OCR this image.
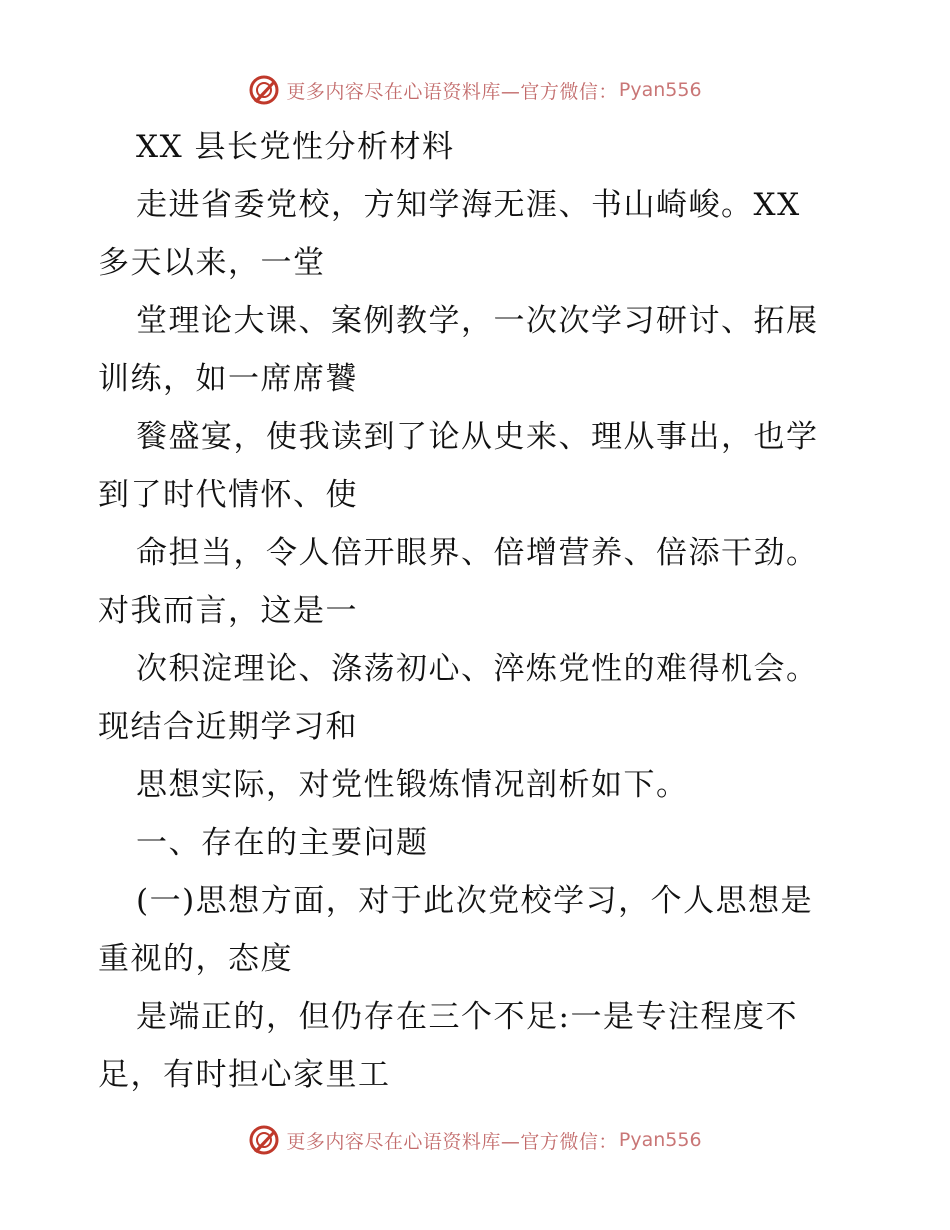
更多内容尽在心语资料库—官方微信： Pyan556
XX 县长党性分析材料
走进省委党校，方知学海无涯、书山崎峻。XX
多天以来，一堂
堂理论大课、案例教学，一次次学习研讨、拓展
训练，如一席席饕
餮盛宴，使我读到了论从史来、理从事出，也学
到了时代情怀、使
命担当，令人倍开眼界、倍增营养、倍添干劲。
对我而言，这是一
次积淀理论、涤荡初心、淬炼党性的难得机会。
现结合近期学习和
思想实际，对党性锻炼情况剖析如下。
一、存在的主要问题
(一)思想方面，对于此次党校学习，个人思想是
重视的，态度
是端正的，但仍存在三个不足:一是专注程度不
足，有时担心家里工
更多内容尽在心语资料库—官方微信： Pyan556
